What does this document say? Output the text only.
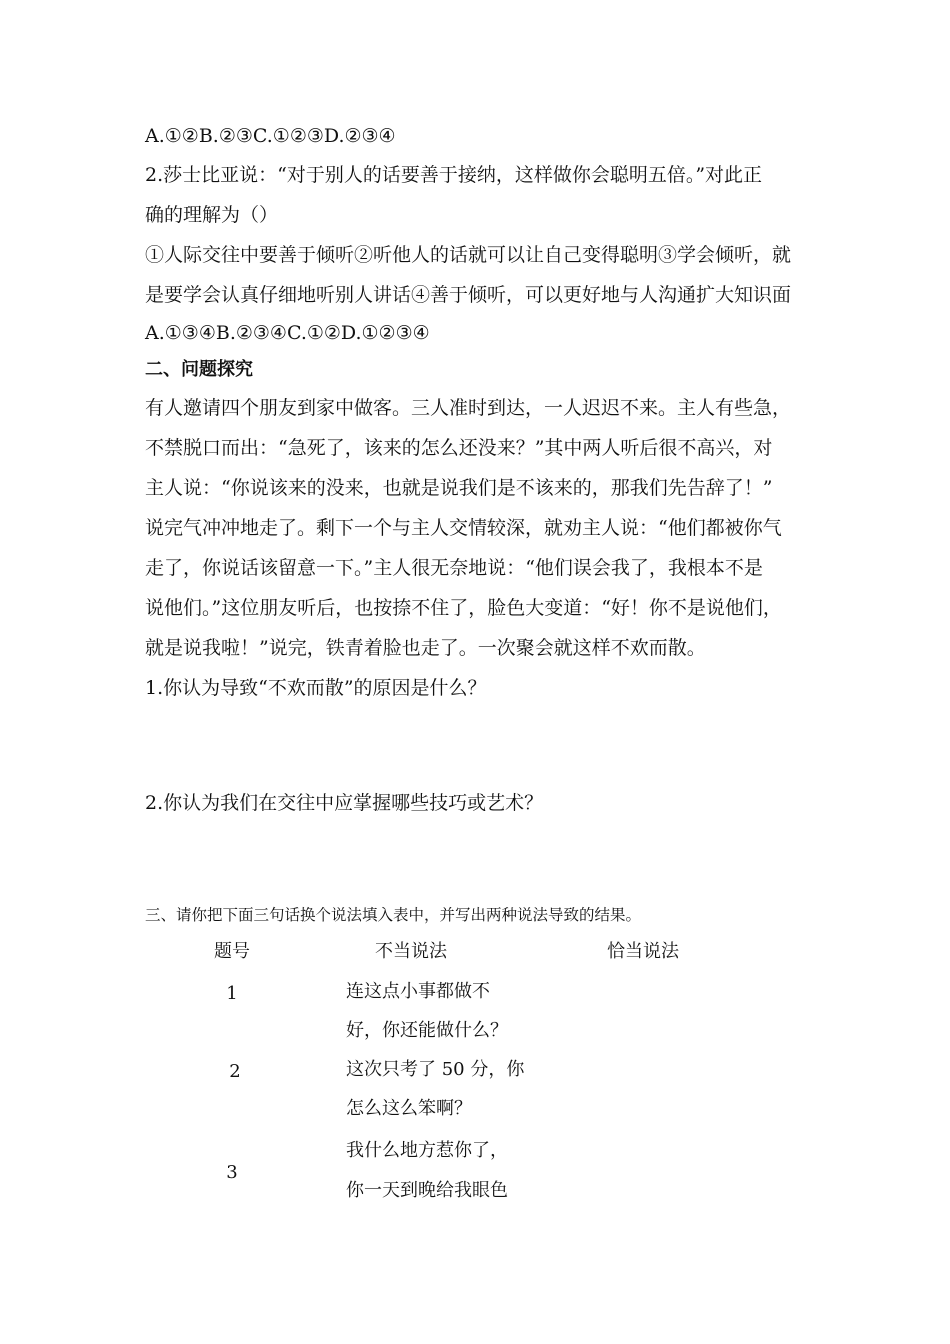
A.①②B.②③C.①②③D.②③④
2.莎士比亚说：“对于别人的话要善于接纳，这样做你会聪明五倍。”对此正
确的理解为（）
①人际交往中要善于倾听②听他人的话就可以让自己变得聪明③学会倾听，就
是要学会认真仔细地听别人讲话④善于倾听，可以更好地与人沟通扩大知识面
A.①③④B.②③④C.①②D.①②③④
二、问题探究
有人邀请四个朋友到家中做客。三人准时到达，一人迟迟不来。主人有些急，
不禁脱口而出：“急死了，该来的怎么还没来？”其中两人听后很不高兴，对
主人说：“你说该来的没来，也就是说我们是不该来的，那我们先告辞了！”
说完气冲冲地走了。剩下一个与主人交情较深，就劝主人说：“他们都被你气
走了，你说话该留意一下。”主人很无奈地说：“他们误会我了，我根本不是
说他们。”这位朋友听后，也按捺不住了，脸色大变道：“好！你不是说他们，
就是说我啦！”说完，铁青着脸也走了。一次聚会就这样不欢而散。
1.你认为导致“不欢而散”的原因是什么？
2.你认为我们在交往中应掌握哪些技巧或艺术？
三、请你把下面三句话换个说法填入表中，并写出两种说法导致的结果。
题号	不当说法	恰当说法
1	连这点小事都做不
好，你还能做什么？
2	这次只考了 50 分，你
怎么这么笨啊？
3
我什么地方惹你了，
你一天到晚给我眼色
